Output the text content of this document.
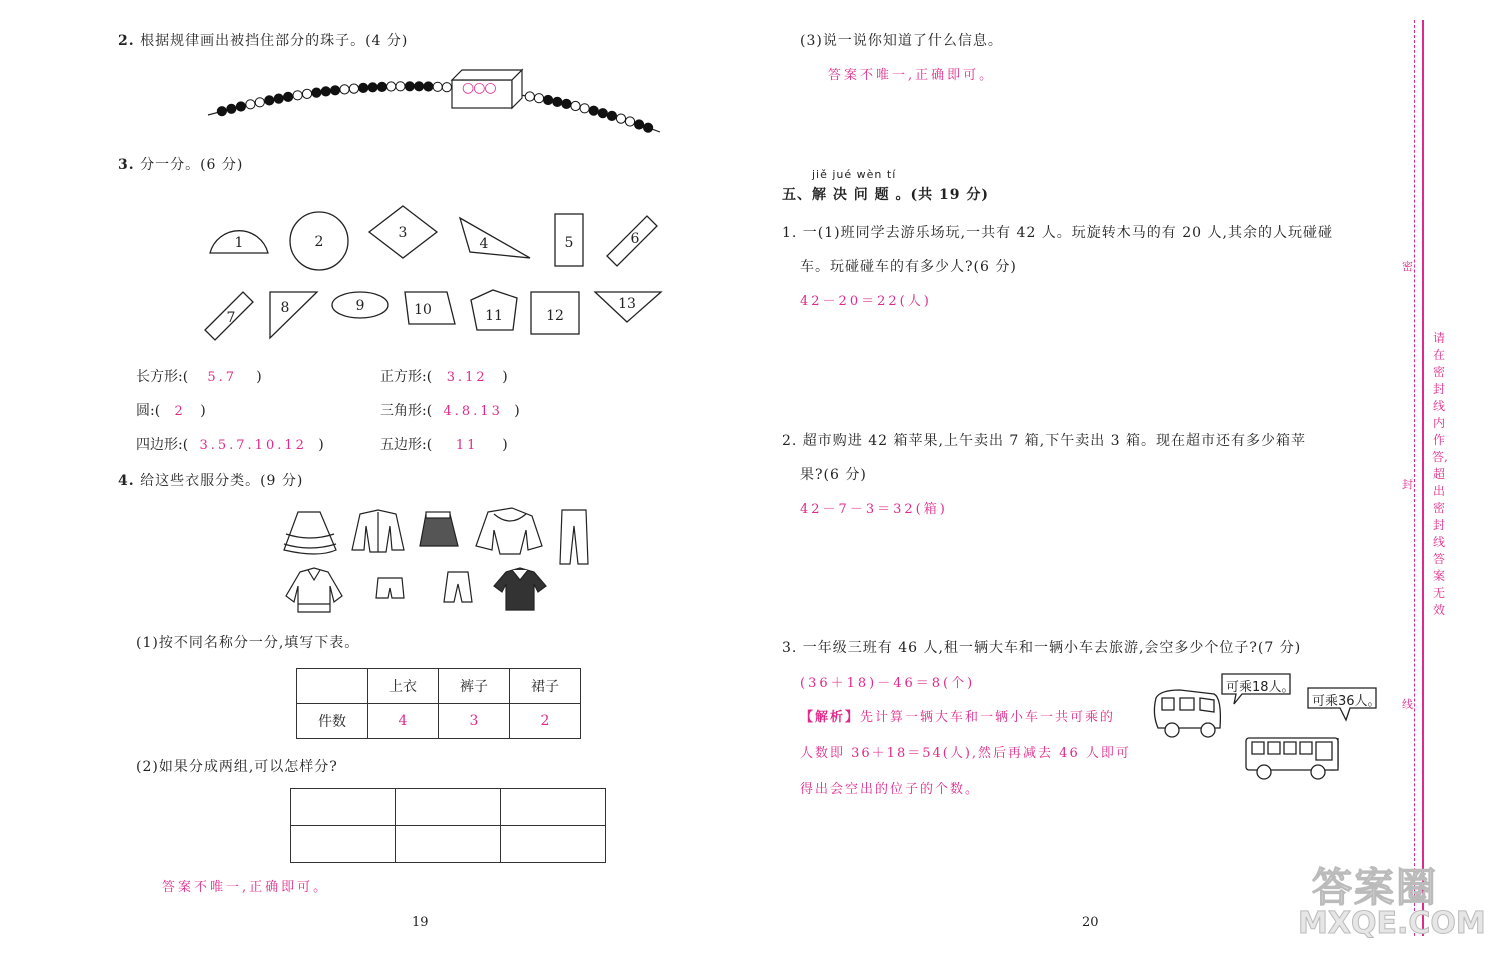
2. 根据规律画出被挡住部分的珠子。(4 分)
○○○
3. 分一分。(6 分)
1	2
3
4	5	6
7
8	9	10	11	12
13
长方形:( 5.7 )	正方形:( 3.12 )
圆:( 2 )	三角形:( 4.8.13 )
四边形:( 3.5.7.10.12 )	五边形:( 11 )
4. 给这些衣服分类。(9 分)
(1)按不同名称分一分,填写下表。
	上衣	裤子	裙子
件数	4	3	2
(2)如果分成两组,可以怎样分?

答案不唯一,正确即可。
19
(3)说一说你知道了什么信息。
答案不唯一,正确即可。
jiě jué wèn tí
五、解 决 问 题 。(共 19 分)
1. 一(1)班同学去游乐场玩,一共有 42 人。玩旋转木马的有 20 人,其余的人玩碰碰
车。玩碰碰车的有多少人?(6 分)
42－20＝22(人)
2. 超市购进 42 箱苹果,上午卖出 7 箱,下午卖出 3 箱。现在超市还有多少箱苹
果?(6 分)
42－7－3＝32(箱)
3. 一年级三班有 46 人,租一辆大车和一辆小车去旅游,会空多少个位子?(7 分)
(36＋18)－46＝8(个)
【解析】先计算一辆大车和一辆小车一共可乘的
人数即 36＋18＝54(人),然后再减去 46 人即可
得出会空出的位子的个数。
可乘18人。
可乘36人。
20
密
封
线
请在密封线内作答,超出密封线答案无效
答案圈
MXQE.COM
